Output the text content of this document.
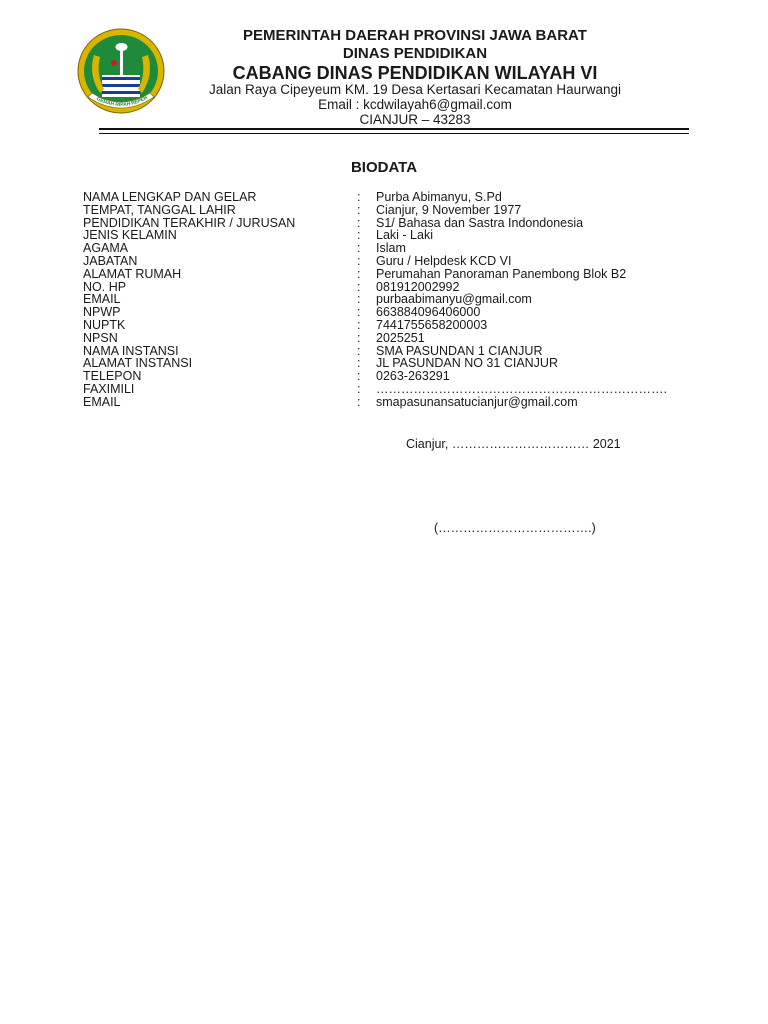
GEMAH RIPAH REPEH
PEMERINTAH DAERAH PROVINSI JAWA BARAT
DINAS PENDIDIKAN
CABANG DINAS PENDIDIKAN WILAYAH VI
Jalan Raya Cipeyeum KM. 19 Desa Kertasari Kecamatan Haurwangi
Email : kcdwilayah6@gmail.com
CIANJUR – 43283
BIODATA
NAMA LENGKAP DAN GELAR	: Purba Abimanyu, S.Pd
TEMPAT, TANGGAL LAHIR	: Cianjur, 9 November 1977
PENDIDIKAN TERAKHIR / JURUSAN	: S1/ Bahasa dan Sastra Indondonesia
JENIS KELAMIN	: Laki - Laki
AGAMA	: Islam
JABATAN	: Guru / Helpdesk KCD VI
ALAMAT RUMAH	: Perumahan Panoraman Panembong Blok B2
NO. HP	: 081912002992
EMAIL	: purbaabimanyu@gmail.com
NPWP	: 663884096406000
NUPTK	: 7441755658200003
NPSN	: 2025251
NAMA INSTANSI	: SMA PASUNDAN 1 CIANJUR
ALAMAT INSTANSI	: JL PASUNDAN NO 31 CIANJUR
TELEPON	: 0263-263291
FAXIMILI	: …………………………………………………………….
EMAIL	: smapasunansatucianjur@gmail.com
Cianjur, …………………………… 2021
(……………………………….)
